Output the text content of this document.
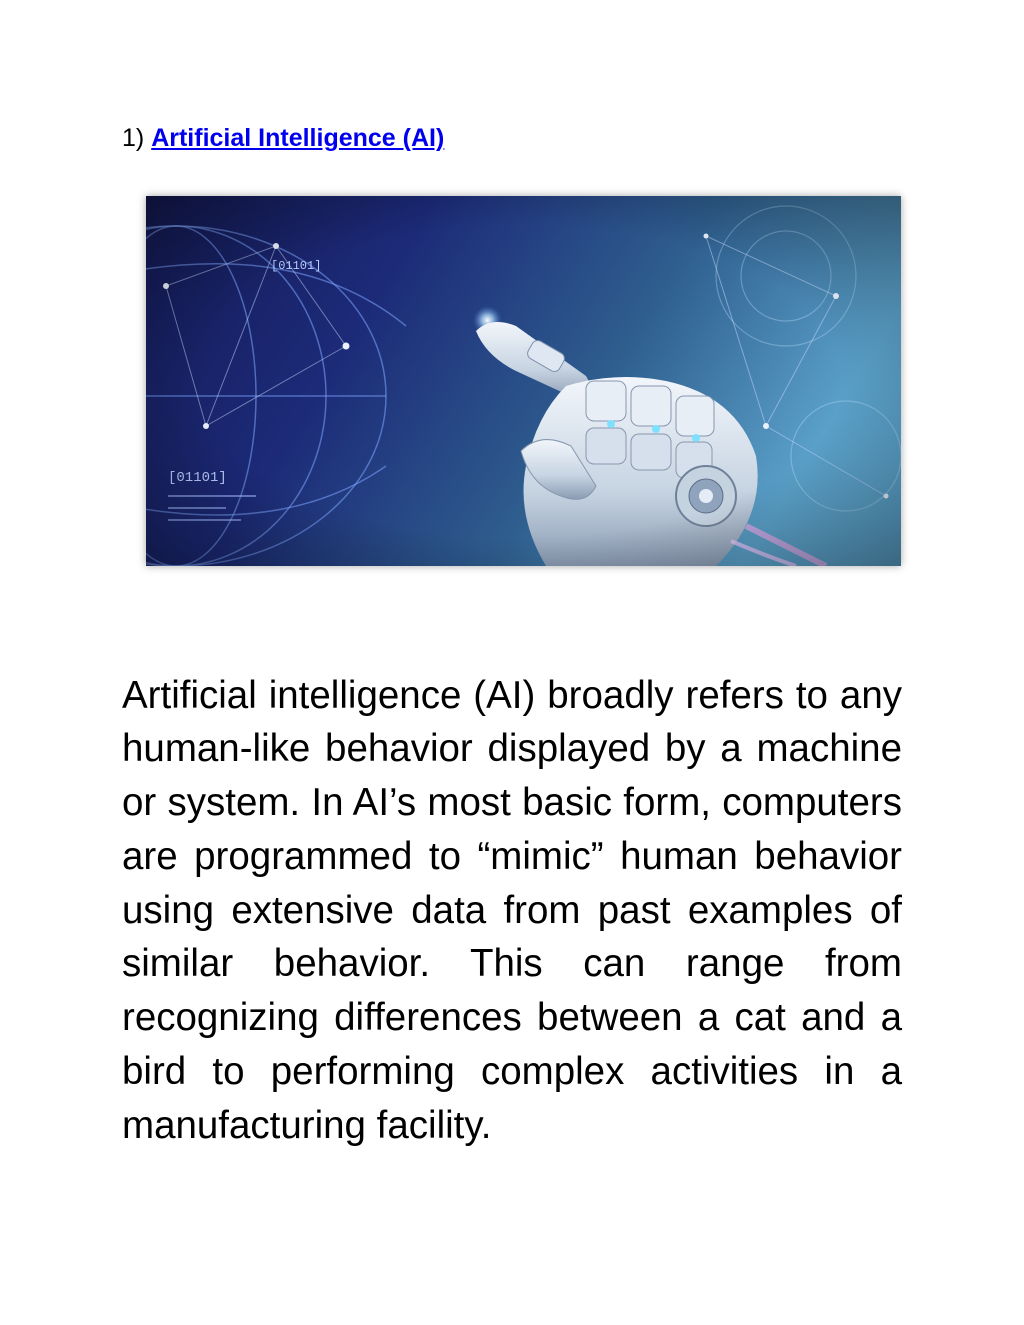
1) Artificial Intelligence (AI)

Artificial intelligence (AI) broadly refers to any human-like behavior displayed by a machine or system. In AI’s most basic form, computers are programmed to “mimic” human behavior using extensive data from past examples of similar behavior. This can range from recognizing differences between a cat and a bird to performing complex activities in a manufacturing facility.
